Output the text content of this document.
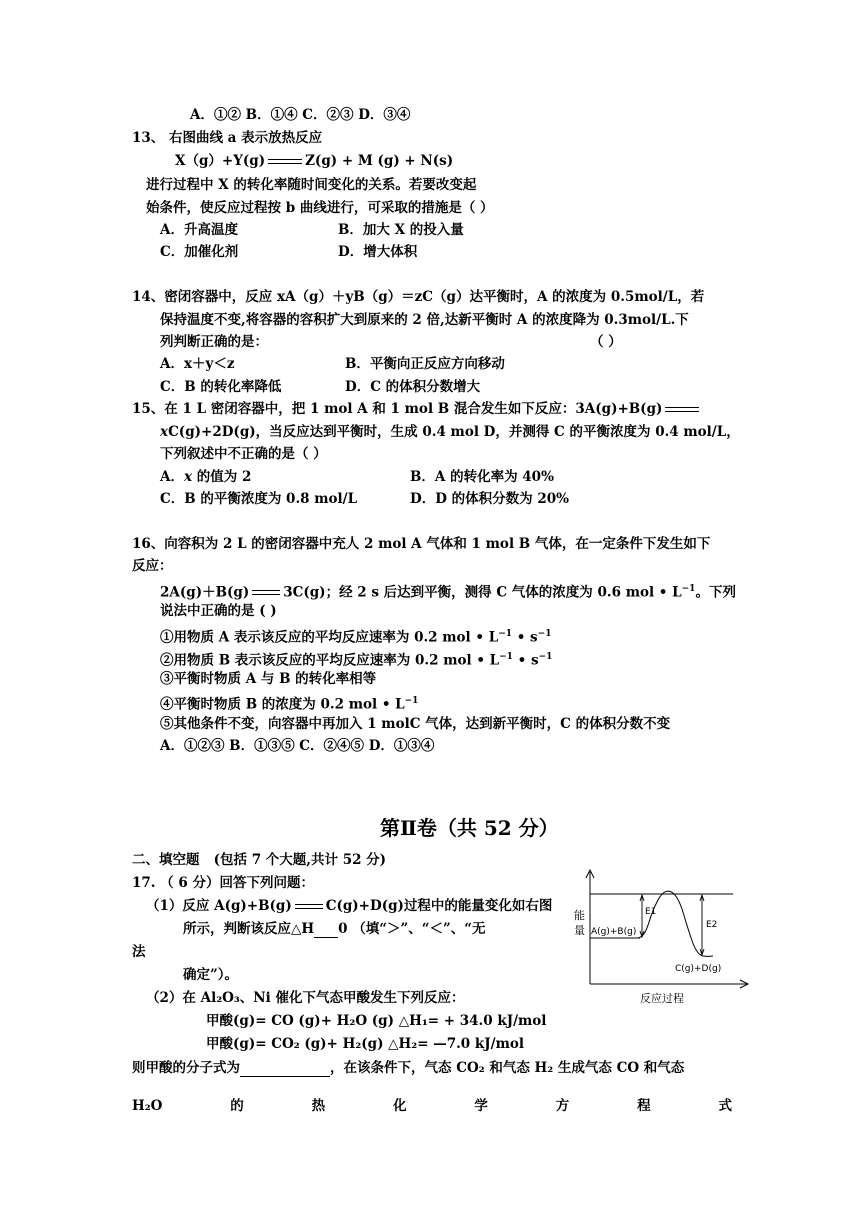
A．①② B．①④ C．②③ D．③④
13、 右图曲线 a 表示放热反应
X（g）+Y(g)	Z(g) + M (g) + N(s)
进行过程中 X 的转化率随时间变化的关系。若要改变起
始条件，使反应过程按 b 曲线进行，可采取的措施是（ ）
A．升高温度	B．加大 X 的投入量
C．加催化剂	D．增大体积
14、密闭容器中，反应 xA（g）＋yB（g）＝zC（g）达平衡时，A 的浓度为 0.5mol/L，若
保持温度不变,将容器的容积扩大到原来的 2 倍,达新平衡时 A 的浓度降为 0.3mol/L.下
列判断正确的是：	（ ）
A．x＋y＜z	B．平衡向正反应方向移动
C．B 的转化率降低	D．C 的体积分数增大
15、在 1 L 密闭容器中，把 1 mol A 和 1 mol B 混合发生如下反应：3A(g)+B(g)
xC(g)+2D(g)，当反应达到平衡时，生成 0.4 mol D，并测得 C 的平衡浓度为 0.4 mol/L，
下列叙述中不正确的是（ ）
A．x 的值为 2	B．A 的转化率为 40%
C．B 的平衡浓度为 0.8 mol/L	D．D 的体积分数为 20%
16、向容积为 2 L 的密闭容器中充人 2 mol A 气体和 1 mol B 气体，在一定条件下发生如下
反应：
2A(g)＋B(g)	3C(g)；经 2 s 后达到平衡，测得 C 气体的浓度为 0.6 mol • $L^{-1}$。下列
说法中正确的是 ( )
①用物质 A 表示该反应的平均反应速率为 0.2 mol • $L^{-1}$ • $s^{-1}$
②用物质 B 表示该反应的平均反应速率为 0.2 mol • $L^{-1}$ • $s^{-1}$
③平衡时物质 A 与 B 的转化率相等
④平衡时物质 B 的浓度为 0.2 mol • $L^{-1}$
⑤其他条件不变，向容器中再加入 1 molC 气体，达到新平衡时，C 的体积分数不变
A．①②③ B．①③⑤ C．②④⑤ D．①③④
第Ⅱ卷（共 52 分）
二、填空题 (包括 7 个大题,共计 52 分)
17. （ 6 分）回答下列问题：
（1）反应 A(g)+B(g)	C(g)+D(g)过程中的能量变化如右图
所示，判断该反应△H 0 （填“＞”、“＜”、“无
法
确定”）。
（2）在 Al₂O₃、Ni 催化下气态甲酸发生下列反应：
甲酸(g)= CO (g)+ H₂O (g) △H₁= + 34.0 kJ/mol
甲酸(g)= CO₂ (g)+ H₂(g) △H₂= —7.0 kJ/mol
则甲酸的分子式为	，在该条件下，气态 CO₂ 和气态 H₂ 生成气态 CO 和气态
H₂O	的	热	化	学	方	程	式
能
量 A(g)+B(g)
C(g)+D(g)
E1
E2
反应过程
